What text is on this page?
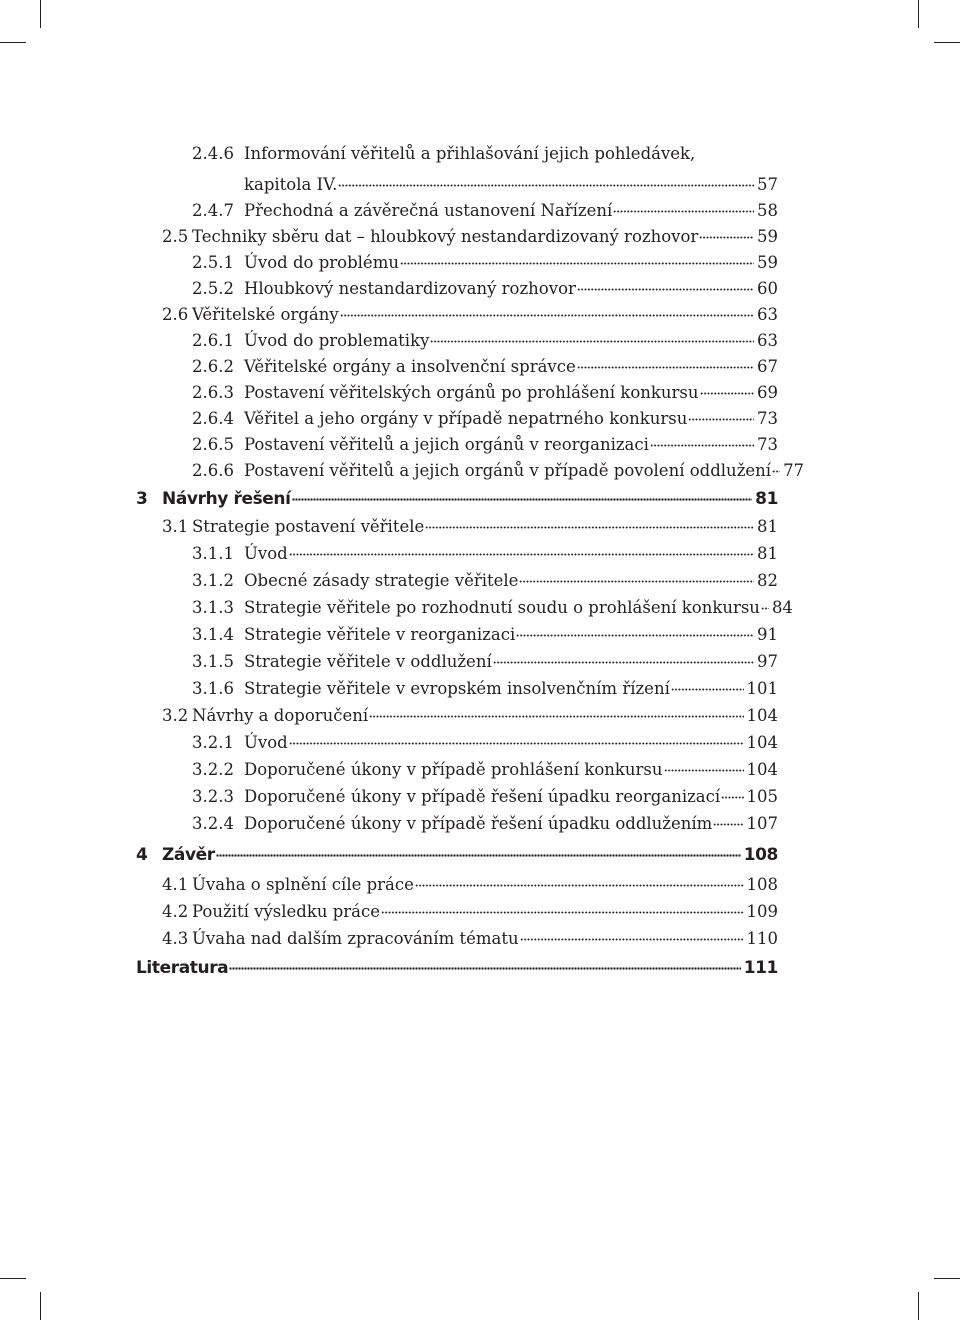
2.4.6 Informování věřitelů a přihlašování jejich pohledávek,
kapitola IV.	57
2.4.7 Přechodná a závěrečná ustanovení Nařízení	58
2.5 Techniky sběru dat – hloubkový nestandardizovaný rozhovor	59
2.5.1 Úvod do problému	59
2.5.2 Hloubkový nestandardizovaný rozhovor	60
2.6 Věřitelské orgány	63
2.6.1 Úvod do problematiky	63
2.6.2 Věřitelské orgány a insolvenční správce	67
2.6.3 Postavení věřitelských orgánů po prohlášení konkursu	69
2.6.4 Věřitel a jeho orgány v případě nepatrného konkursu	73
2.6.5 Postavení věřitelů a jejich orgánů v reorganizaci	73
2.6.6 Postavení věřitelů a jejich orgánů v případě povolení oddlužení 77
3 Návrhy řešení	81
3.1 Strategie postavení věřitele	81
3.1.1 Úvod	81
3.1.2 Obecné zásady strategie věřitele	82
3.1.3 Strategie věřitele po rozhodnutí soudu o prohlášení konkursu 84
3.1.4 Strategie věřitele v reorganizaci	91
3.1.5 Strategie věřitele v oddlužení	97
3.1.6 Strategie věřitele v evropském insolvenčním řízení	101
3.2 Návrhy a doporučení	104
3.2.1 Úvod	104
3.2.2 Doporučené úkony v případě prohlášení konkursu	104
3.2.3 Doporučené úkony v případě řešení úpadku reorganizací 105
3.2.4 Doporučené úkony v případě řešení úpadku oddlužením 107
4 Závěr	108
4.1 Úvaha o splnění cíle práce	108
4.2 Použití výsledku práce	109
4.3 Úvaha nad dalším zpracováním tématu	110
Literatura	111
